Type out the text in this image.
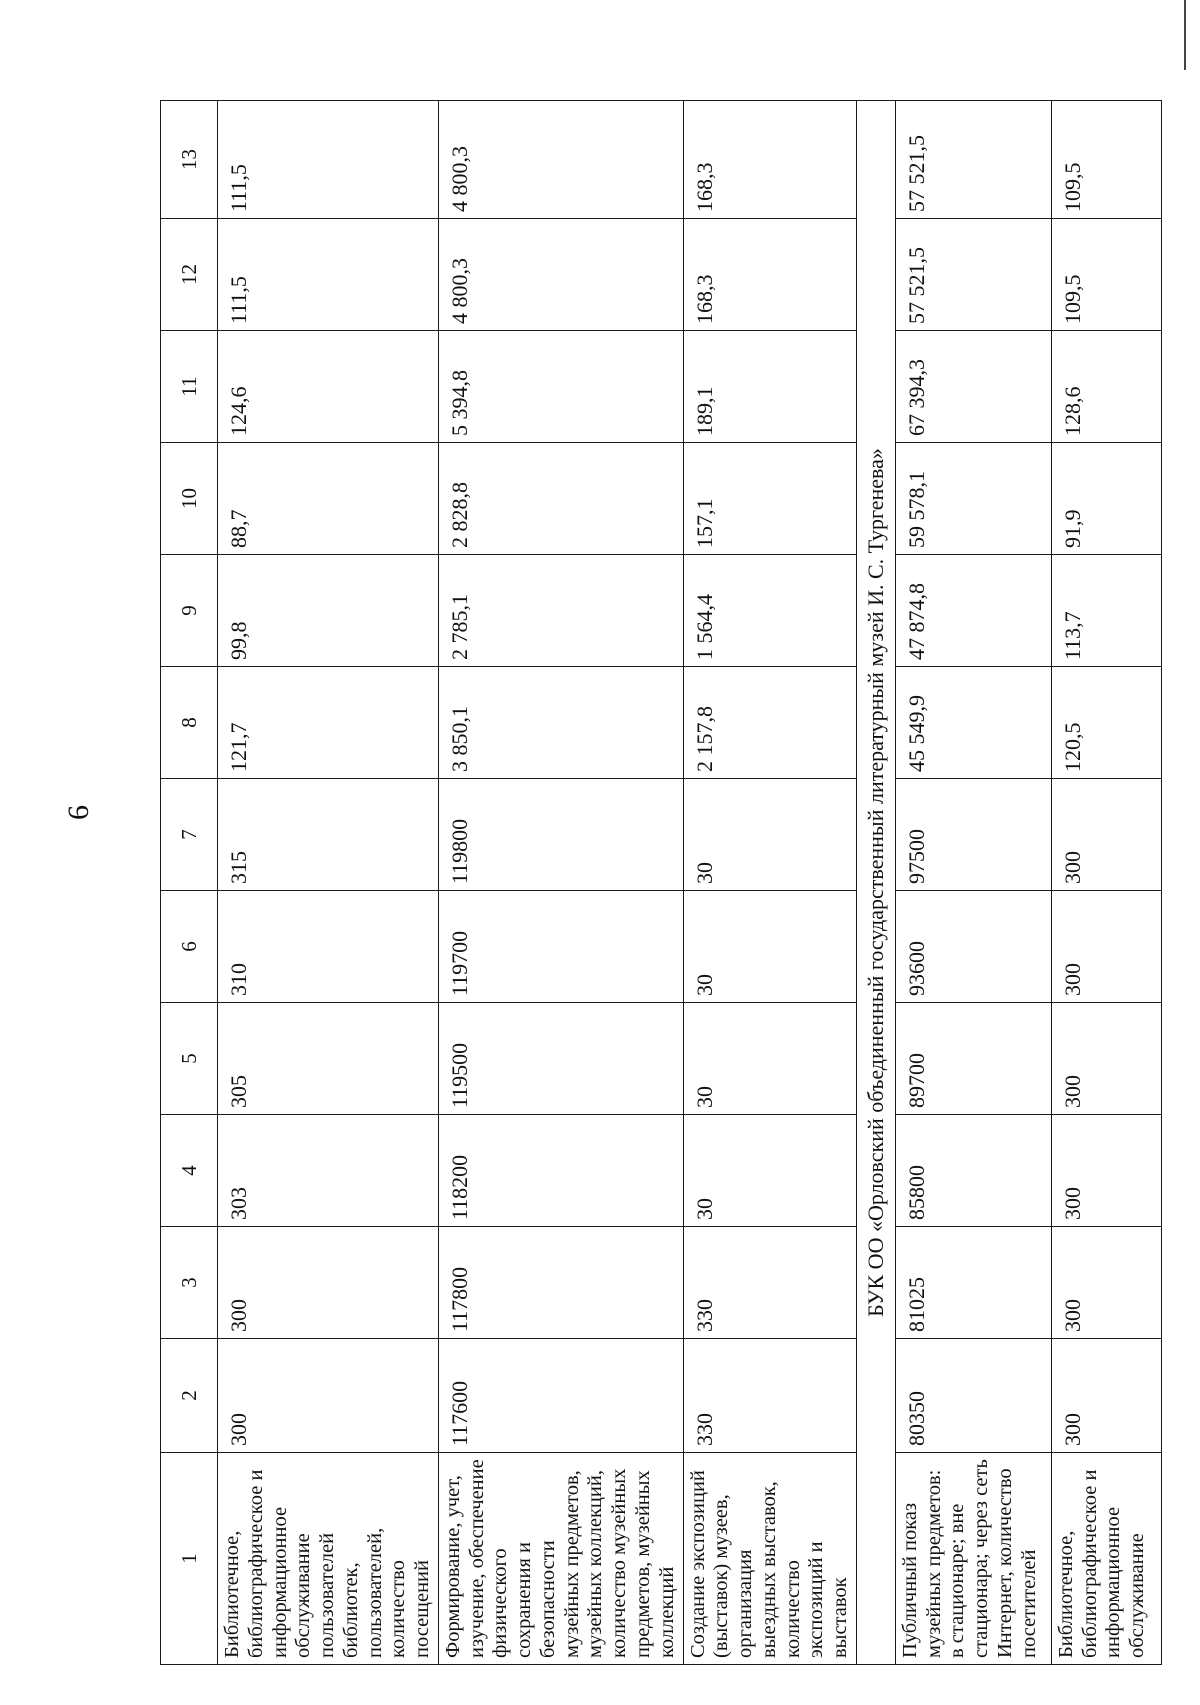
6
1	2	3	4	5	6	7	8	9	10	11	12	13
Библиотечное, библиографическое и информационное обслуживание пользователей библиотек, пользователей, количество посещений	300	300	303	305	310	315	121,7	99,8	88,7	124,6	111,5	111,5
Формирование, учет, изучение, обеспечение физического сохранения и безопасности музейных предметов, музейных коллекций, количество музейных предметов, музейных коллекций	117600	117800	118200	119500	119700	119800	3 850,1	2 785,1	2 828,8	5 394,8	4 800,3	4 800,3
Создание экспозиций (выставок) музеев, организация выездных выставок, количество экспозиций и выставок	330	330	30	30	30	30	2 157,8	1 564,4	157,1	189,1	168,3	168,3
БУК ОО «Орловский объединенный государственный литературный музей И. С. Тургенева»												
Публичный показ музейных предметов: в стационаре; вне стационара; через сеть Интернет, количество посетителей	80350	81025	85800	89700	93600	97500	45 549,9	47 874,8	59 578,1	67 394,3	57 521,5	57 521,5
Библиотечное, библиографическое и информационное обслуживание	300	300	300	300	300	300	120,5	113,7	91,9	128,6	109,5	109,5
